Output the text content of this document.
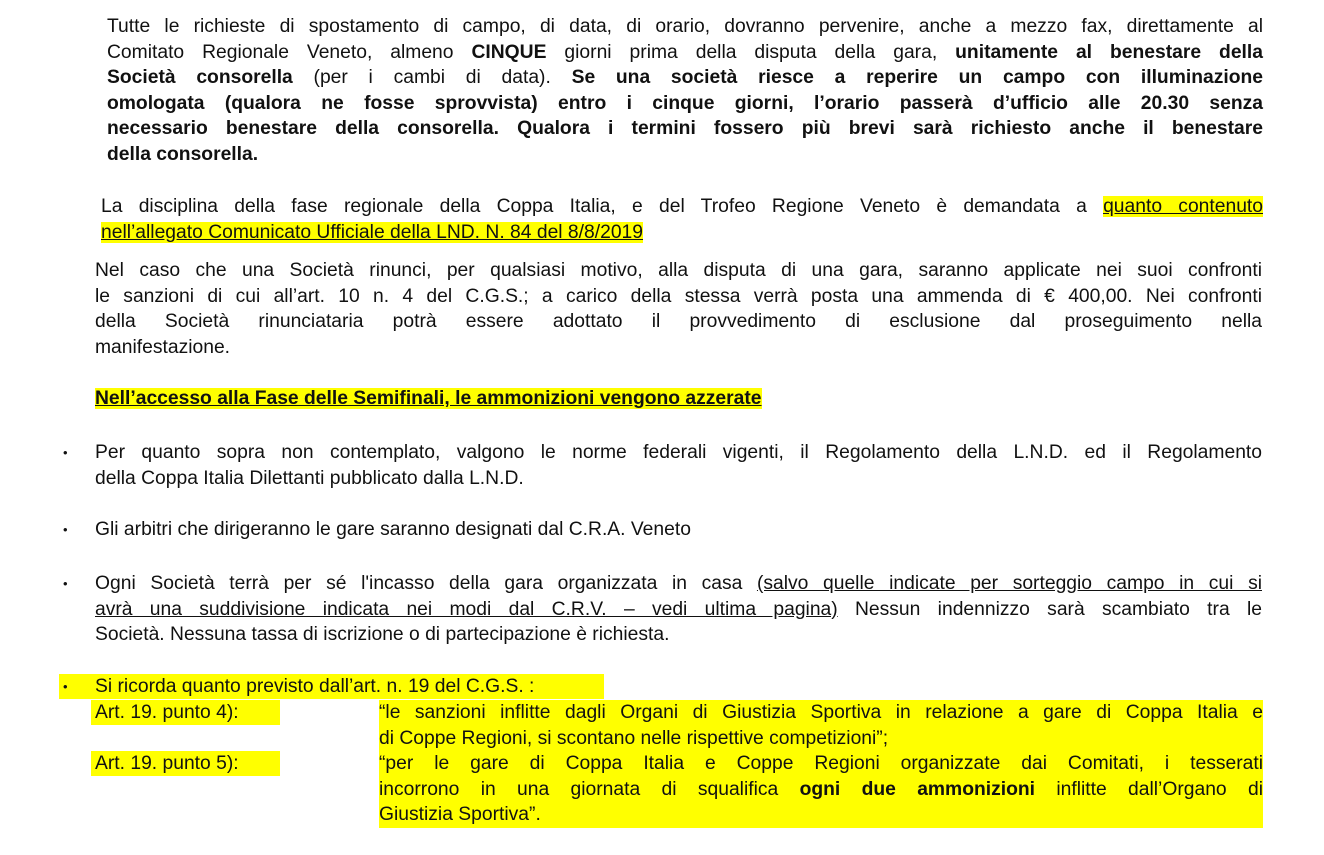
Tutte le richieste di spostamento di campo, di data, di orario, dovranno pervenire, anche a mezzo fax, direttamente al
Comitato Regionale Veneto, almeno CINQUE giorni prima della disputa della gara, unitamente al benestare della
Società consorella (per i cambi di data). Se una società riesce a reperire un campo con illuminazione
omologata (qualora ne fosse sprovvista) entro i cinque giorni, l’orario passerà d’ufficio alle 20.30 senza
necessario benestare della consorella. Qualora i termini fossero più brevi sarà richiesto anche il benestare
della consorella.
La disciplina della fase regionale della Coppa Italia, e del Trofeo Regione Veneto è demandata a quanto contenuto
nell’allegato Comunicato Ufficiale della LND. N. 84 del 8/8/2019
Nel caso che una Società rinunci, per qualsiasi motivo, alla disputa di una gara, saranno applicate nei suoi confronti
le sanzioni di cui all’art. 10 n. 4 del C.G.S.; a carico della stessa verrà posta una ammenda di € 400,00. Nei confronti
della Società rinunciataria potrà essere adottato il provvedimento di esclusione dal proseguimento nella
manifestazione.
Nell’accesso alla Fase delle Semifinali, le ammonizioni vengono azzerate
• Per quanto sopra non contemplato, valgono le norme federali vigenti, il Regolamento della L.N.D. ed il Regolamento
della Coppa Italia Dilettanti pubblicato dalla L.N.D.
• Gli arbitri che dirigeranno le gare saranno designati dal C.R.A. Veneto
• Ogni Società terrà per sé l'incasso della gara organizzata in casa (salvo quelle indicate per sorteggio campo in cui si
avrà una suddivisione indicata nei modi dal C.R.V. – vedi ultima pagina) Nessun indennizzo sarà scambiato tra le
Società. Nessuna tassa di iscrizione o di partecipazione è richiesta.
• Si ricorda quanto previsto dall’art. n. 19 del C.G.S. :
Art. 19. punto 4):	“le sanzioni inflitte dagli Organi di Giustizia Sportiva in relazione a gare di Coppa Italia e
di Coppe Regioni, si scontano nelle rispettive competizioni”;
Art. 19. punto 5):	“per le gare di Coppa Italia e Coppe Regioni organizzate dai Comitati, i tesserati
incorrono in una giornata di squalifica ogni due ammonizioni inflitte dall’Organo di
Giustizia Sportiva”.
